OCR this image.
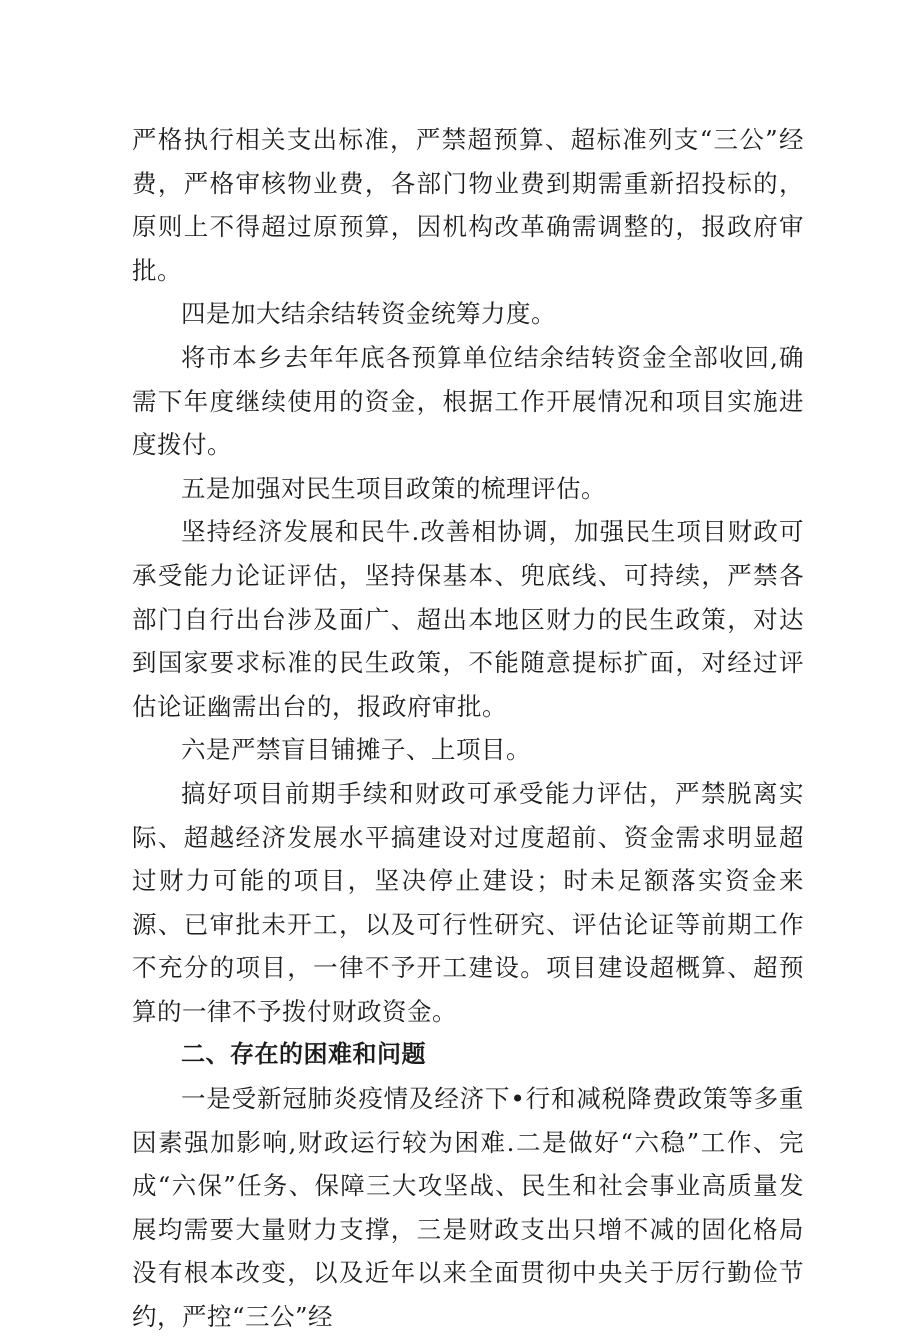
严格执行相关支出标准，严禁超预算、超标准列支“三公”经费，严格审核物业费，各部门物业费到期需重新招投标的，原则上不得超过原预算，因机构改革确需调整的，报政府审批。

四是加大结余结转资金统筹力度。

将市本乡去年年底各预算单位结余结转资金全部收回,确需下年度继续使用的资金，根据工作开展情况和项目实施进度拨付。

五是加强对民生项目政策的梳理评估。

坚持经济发展和民牛.改善相协调，加强民生项目财政可承受能力论证评估，坚持保基本、兜底线、可持续，严禁各部门自行出台涉及面广、超出本地区财力的民生政策，对达到国家要求标准的民生政策，不能随意提标扩面，对经过评估论证幽需出台的，报政府审批。

六是严禁盲目铺摊子、上项目。

搞好项目前期手续和财政可承受能力评估，严禁脱离实际、超越经济发展水平搞建设对过度超前、资金需求明显超过财力可能的项目，坚决停止建设；时未足额落实资金来源、已审批未开工，以及可行性研究、评估论证等前期工作不充分的项目，一律不予开工建设。项目建设超概算、超预算的一律不予拨付财政资金。

二、存在的困难和问题

一是受新冠肺炎疫情及经济下•行和减税降费政策等多重因素强加影响,财政运行较为困难.二是做好“六稳”工作、完成“六保”任务、保障三大攻坚战、民生和社会事业高质量发展均需要大量财力支撑，三是财政支出只增不减的固化格局没有根本改变，以及近年以来全面贯彻中央关于厉行勤俭节约，严控“三公”经
